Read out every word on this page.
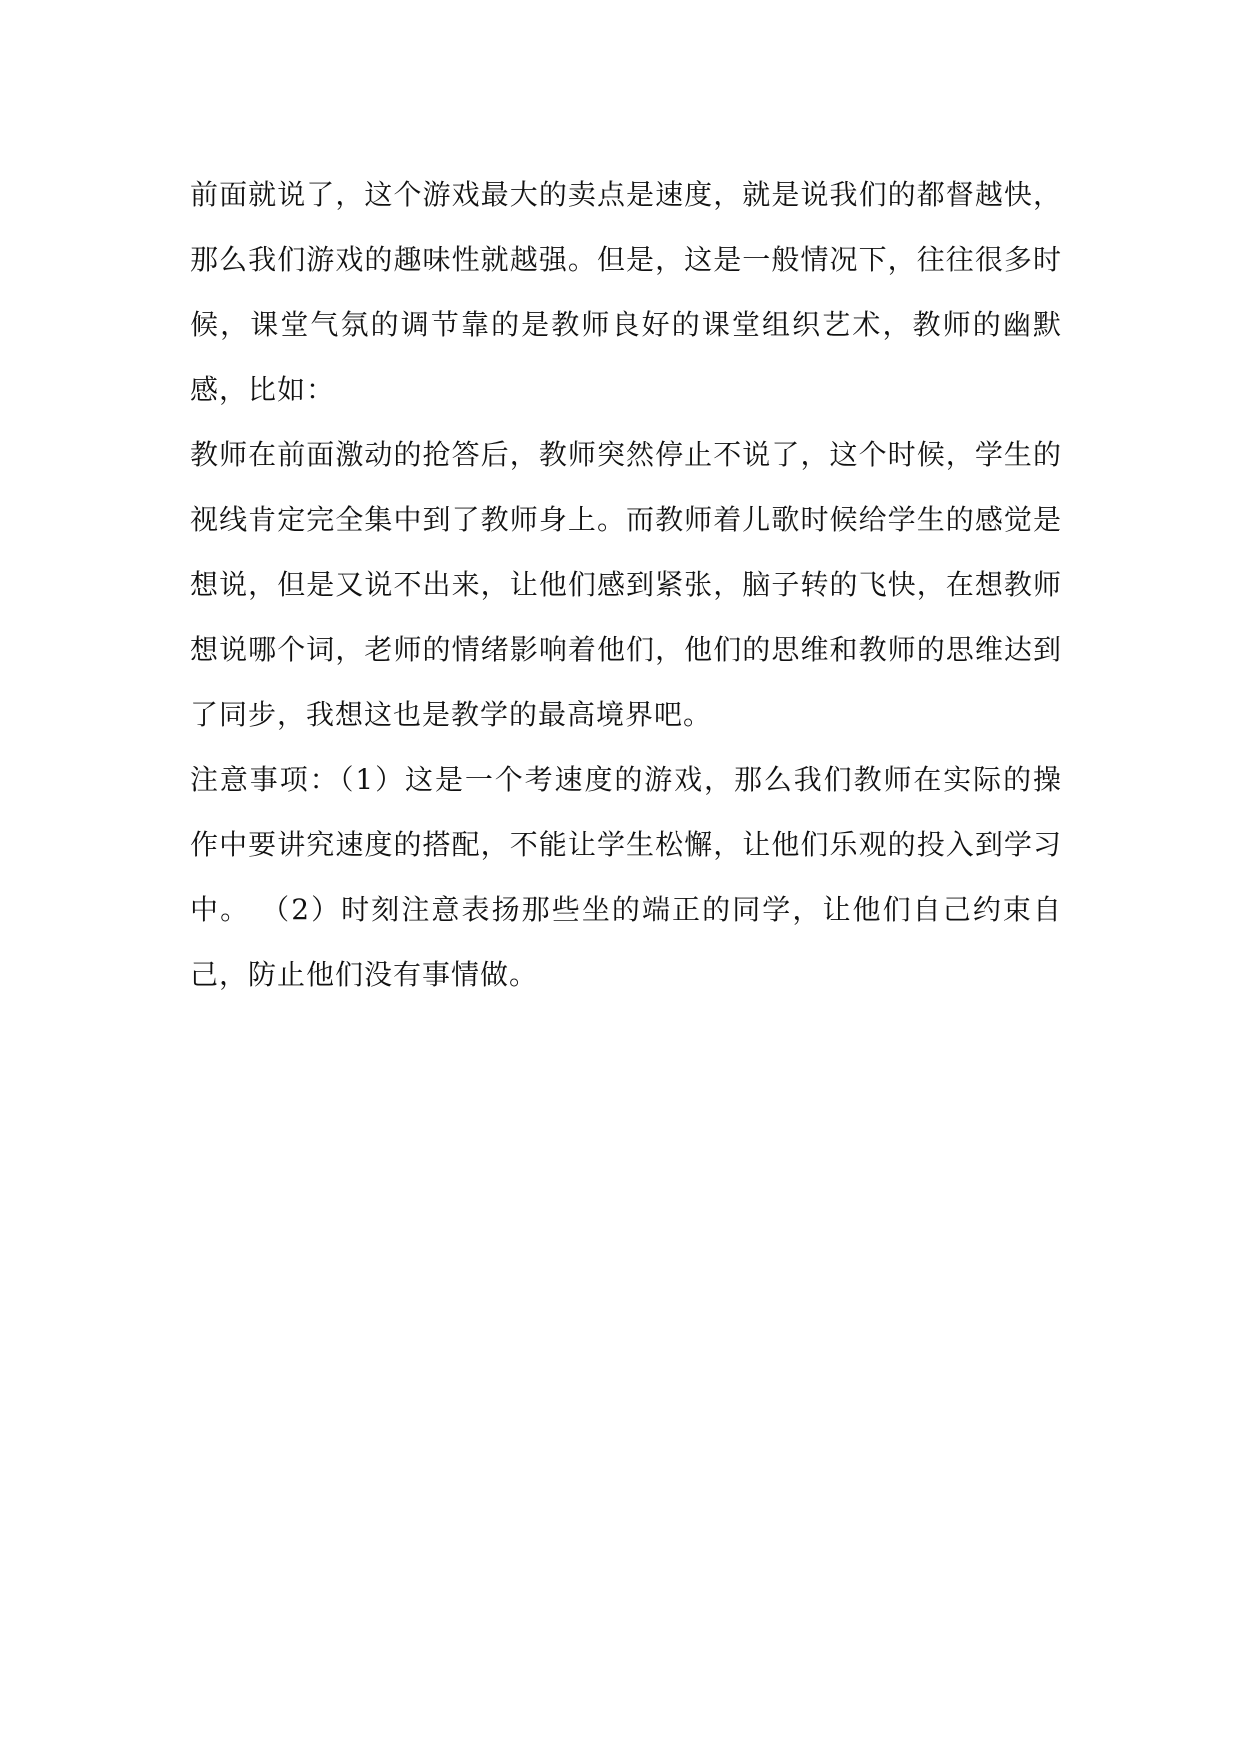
前面就说了，这个游戏最大的卖点是速度，就是说我们的都督越快，那么我们游戏的趣味性就越强。但是，这是一般情况下，往往很多时候，课堂气氛的调节靠的是教师良好的课堂组织艺术，教师的幽默感，比如：

教师在前面激动的抢答后，教师突然停止不说了，这个时候，学生的视线肯定完全集中到了教师身上。而教师着儿歌时候给学生的感觉是想说，但是又说不出来，让他们感到紧张，脑子转的飞快，在想教师想说哪个词，老师的情绪影响着他们，他们的思维和教师的思维达到了同步，我想这也是教学的最高境界吧。

注意事项：（1）这是一个考速度的游戏，那么我们教师在实际的操作中要讲究速度的搭配，不能让学生松懈，让他们乐观的投入到学习中。 （2）时刻注意表扬那些坐的端正的同学，让他们自己约束自己，防止他们没有事情做。
